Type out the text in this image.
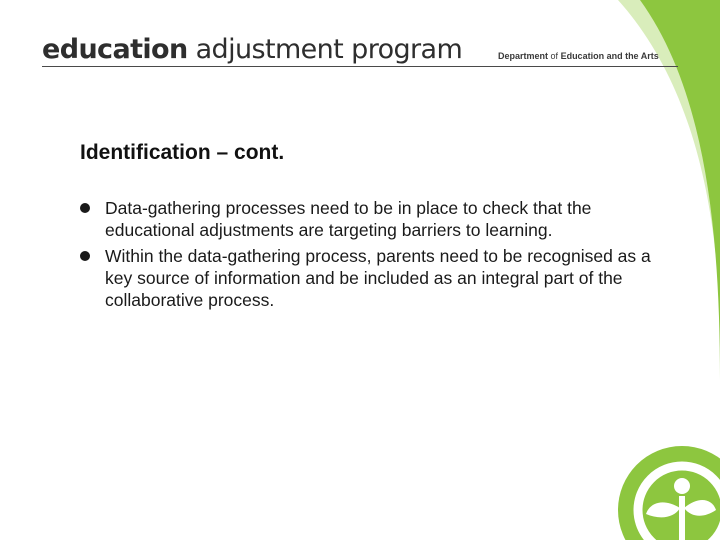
education adjustment program	Department of Education and the Arts
Identification – cont.
Data-gathering processes need to be in place to check that the educational adjustments are targeting barriers to learning.
Within the data-gathering process, parents need to be recognised as a key source of information and be included as an integral part of the collaborative process.
